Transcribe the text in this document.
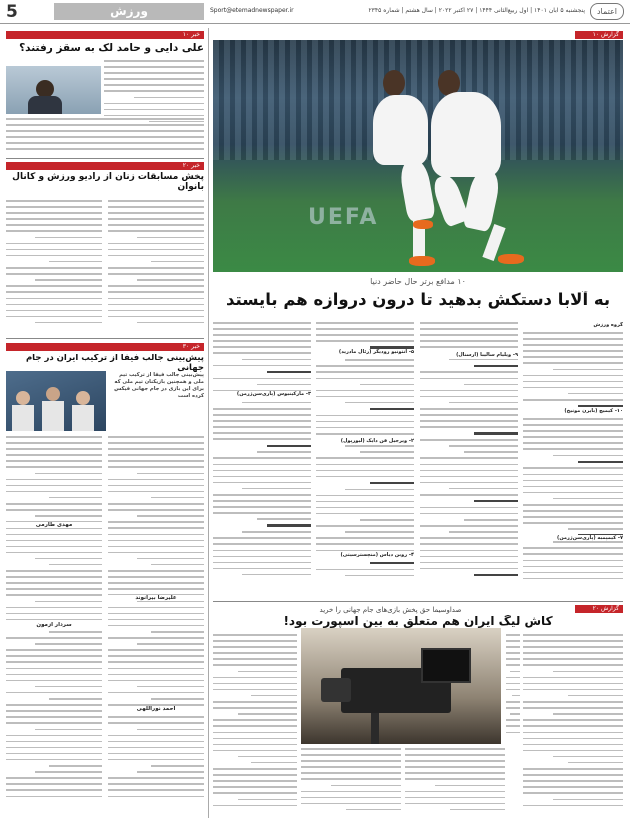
5	ورزش	Sport@etemadnewspaper.ir	پنجشنبه ۵ آبان ۱۴۰۱ | اول ربیع‌الثانی ۱۴۴۴ | ۲۷ اکتبر ۲۰۲۲ | سال هشتم | شماره ۲۳۴۵	اعتماد
خبر ۱۰
علی دایی و حامد لک به سقز رفتند؟
خبر ۲۰
پخش مسابقات زنان از رادیو ورزش و کانال بانوان
خبر ۳۰
پیش‌بینی جالب فیفا از ترکیب ایران در جام جهانی
پیش‌بینی جالب فیفا از ترکیب تیم ملی و همچنین بازیکنان تیم‌ ملی که برای این بازی در جام جهانی فیکس کرده است
مهدی طارمی
سردار آزمون
علیرضا بیرانوند
احمد نوراللهی
گزارش ۱۰
UEFA
۱۰ مدافع برتر حال حاضر دنیا
به آلابا دستکش بدهید تا درون دروازه هم بایستد
گروه ورزش
۹- ویلیام سالیبا (آرسنال)
۵- آنتونیو رودیگر (رئال مادرید)
۳- مارکینیوس (پاری‌سن‌ژرمن)
۲- ویرجیل فن دایک (لیورپول)
۴- روبن دیاس (منچسترسیتی)
۱۰- کیمیچ (بایرن مونیخ)
۷- کیمپمبه (پاری‌سن‌ژرمن)
گزارش ۲۰
صداوسیما حق پخش بازی‌های جام جهانی را خرید
کاش لیگ ایران هم متعلق به بین اسپورت بود!
